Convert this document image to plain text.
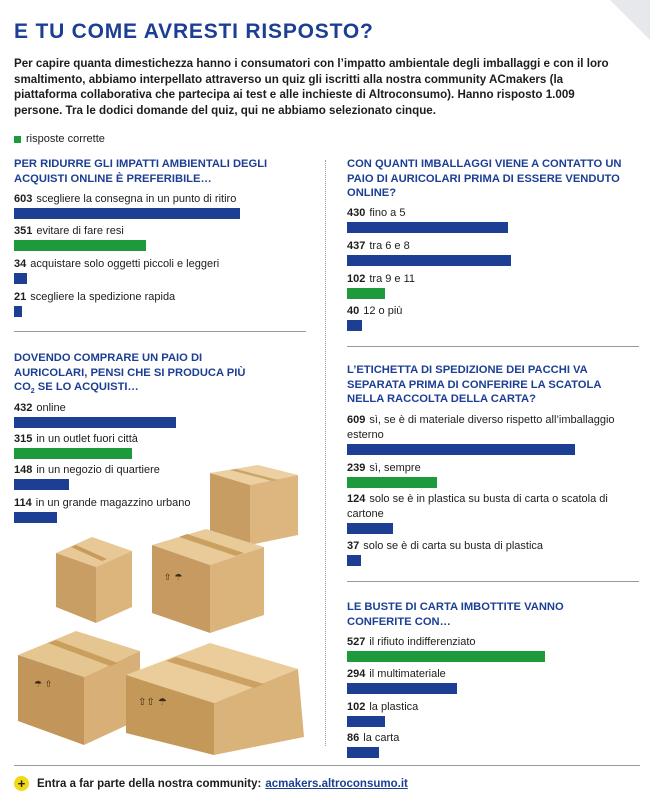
E TU COME AVRESTI RISPOSTO?

Per capire quanta dimestichezza hanno i consumatori con l’impatto ambientale degli imballaggi e con il loro smaltimento, abbiamo interpellato attraverso un quiz gli iscritti alla nostra community ACmakers (la piattaforma collaborativa che partecipa ai test e alle inchieste di Altroconsumo). Hanno risposto 1.009 persone. Tra le dodici domande del quiz, qui ne abbiamo selezionato cinque.

risposte corrette

PER RIDURRE GLI IMPATTI AMBIENTALI DEGLI ACQUISTI ONLINE È PREFERIBILE…

DOVENDO COMPRARE UN PAIO DI AURICOLARI, PENSI CHE SI PRODUCA PIÙ $CO_2$ SE LO ACQUISTI…

CON QUANTI IMBALLAGGI VIENE A CONTATTO UN PAIO DI AURICOLARI PRIMA DI ESSERE VENDUTO ONLINE?

L’ETICHETTA DI SPEDIZIONE DEI PACCHI VA SEPARATA PRIMA DI CONFERIRE LA SCATOLA NELLA RACCOLTA DELLA CARTA?

LE BUSTE DI CARTA IMBOTTITE VANNO CONFERITE CON…

603 scegliere la consegna in un punto di ritiro
351 evitare di fare resi
34 acquistare solo oggetti piccoli e leggeri
21 scegliere la spedizione rapida
432 online
315 in un outlet fuori città
148 in un negozio di quartiere
114 in un grande magazzino urbano
430 fino a 5
437 tra 6 e 8
102 tra 9 e 11
40 12 o più
609 sì, se è di materiale diverso rispetto all’imballaggio esterno
239 sì, sempre
124 solo se è in plastica su busta di carta o scatola di cartone
37 solo se è di carta su busta di plastica
527 il rifiuto indifferenziato
294 il multimateriale
102 la plastica
86 la carta
⇧ ☂
☂ ⇧
⇧⇧ ☂
+	Entra a far parte della nostra community: acmakers.altroconsumo.it
